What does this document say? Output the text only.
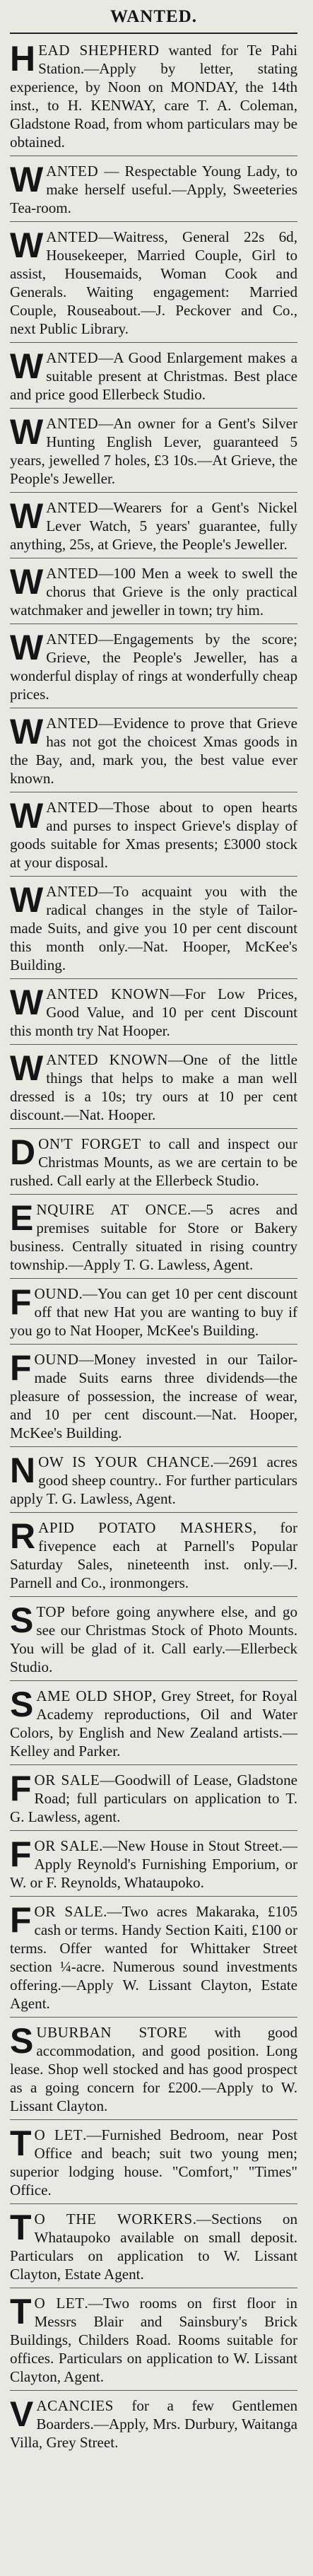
WANTED.

HEAD SHEPHERD wanted for Te Pahi Station.—Apply by letter, stating experience, by Noon on MONDAY, the 14th inst., to H. KENWAY, care T. A. Coleman, Gladstone Road, from whom particulars may be obtained.

WANTED — Respectable Young Lady, to make herself useful.—Apply, Sweeteries Tea-room.

WANTED—Waitress, General 22s 6d, Housekeeper, Married Couple, Girl to assist, Housemaids, Woman Cook and Generals. Waiting engagement: Married Couple, Rouseabout.—J. Peckover and Co., next Public Library.

WANTED—A Good Enlargement makes a suitable present at Christmas. Best place and price good Ellerbeck Studio.

WANTED—An owner for a Gent's Silver Hunting English Lever, guaranteed 5 years, jewelled 7 holes, £3 10s.—At Grieve, the People's Jeweller.

WANTED—Wearers for a Gent's Nickel Lever Watch, 5 years' guarantee, fully anything, 25s, at Grieve, the People's Jeweller.

WANTED—100 Men a week to swell the chorus that Grieve is the only practical watchmaker and jeweller in town; try him.

WANTED—Engagements by the score; Grieve, the People's Jeweller, has a wonderful display of rings at wonderfully cheap prices.

WANTED—Evidence to prove that Grieve has not got the choicest Xmas goods in the Bay, and, mark you, the best value ever known.

WANTED—Those about to open hearts and purses to inspect Grieve's display of goods suitable for Xmas presents; £3000 stock at your disposal.

WANTED—To acquaint you with the radical changes in the style of Tailor-made Suits, and give you 10 per cent discount this month only.—Nat. Hooper, McKee's Building.

WANTED KNOWN—For Low Prices, Good Value, and 10 per cent Discount this month try Nat Hooper.

WANTED KNOWN—One of the little things that helps to make a man well dressed is a 10s; try ours at 10 per cent discount.—Nat. Hooper.

DON'T FORGET to call and inspect our Christmas Mounts, as we are certain to be rushed. Call early at the Ellerbeck Studio.

ENQUIRE AT ONCE.—5 acres and premises suitable for Store or Bakery business. Centrally situated in rising country township.—Apply T. G. Lawless, Agent.

FOUND.—You can get 10 per cent discount off that new Hat you are wanting to buy if you go to Nat Hooper, McKee's Building.

FOUND—Money invested in our Tailor-made Suits earns three dividends—the pleasure of possession, the increase of wear, and 10 per cent discount.—Nat. Hooper, McKee's Building.

NOW IS YOUR CHANCE.—2691 acres good sheep country.. For further particulars apply T. G. Lawless, Agent.

RAPID POTATO MASHERS, for fivepence each at Parnell's Popular Saturday Sales, nineteenth inst. only.—J. Parnell and Co., ironmongers.

STOP before going anywhere else, and go see our Christmas Stock of Photo Mounts. You will be glad of it. Call early.—Ellerbeck Studio.

SAME OLD SHOP, Grey Street, for Royal Academy reproductions, Oil and Water Colors, by English and New Zealand artists.—Kelley and Parker.

FOR SALE—Goodwill of Lease, Gladstone Road; full particulars on application to T. G. Lawless, agent.

FOR SALE.—New House in Stout Street.—Apply Reynold's Furnishing Emporium, or W. or F. Reynolds, Whataupoko.

FOR SALE.—Two acres Makaraka, £105 cash or terms. Handy Section Kaiti, £100 or terms. Offer wanted for Whittaker Street section ¼-acre. Numerous sound investments offering.—Apply W. Lissant Clayton, Estate Agent.

SUBURBAN STORE with good accommodation, and good position. Long lease. Shop well stocked and has good prospect as a going concern for £200.—Apply to W. Lissant Clayton.

T O LET.—Furnished Bedroom, near Post Office and beach; suit two young men; superior lodging house. "Comfort," "Times" Office.

T O THE WORKERS.—Sections on Whataupoko available on small deposit. Particulars on application to W. Lissant Clayton, Estate Agent.

T O LET.—Two rooms on first floor in Messrs Blair and Sainsbury's Brick Buildings, Childers Road. Rooms suitable for offices. Particulars on application to W. Lissant Clayton, Agent.

VACANCIES for a few Gentlemen Boarders.—Apply, Mrs. Durbury, Waitanga Villa, Grey Street.
